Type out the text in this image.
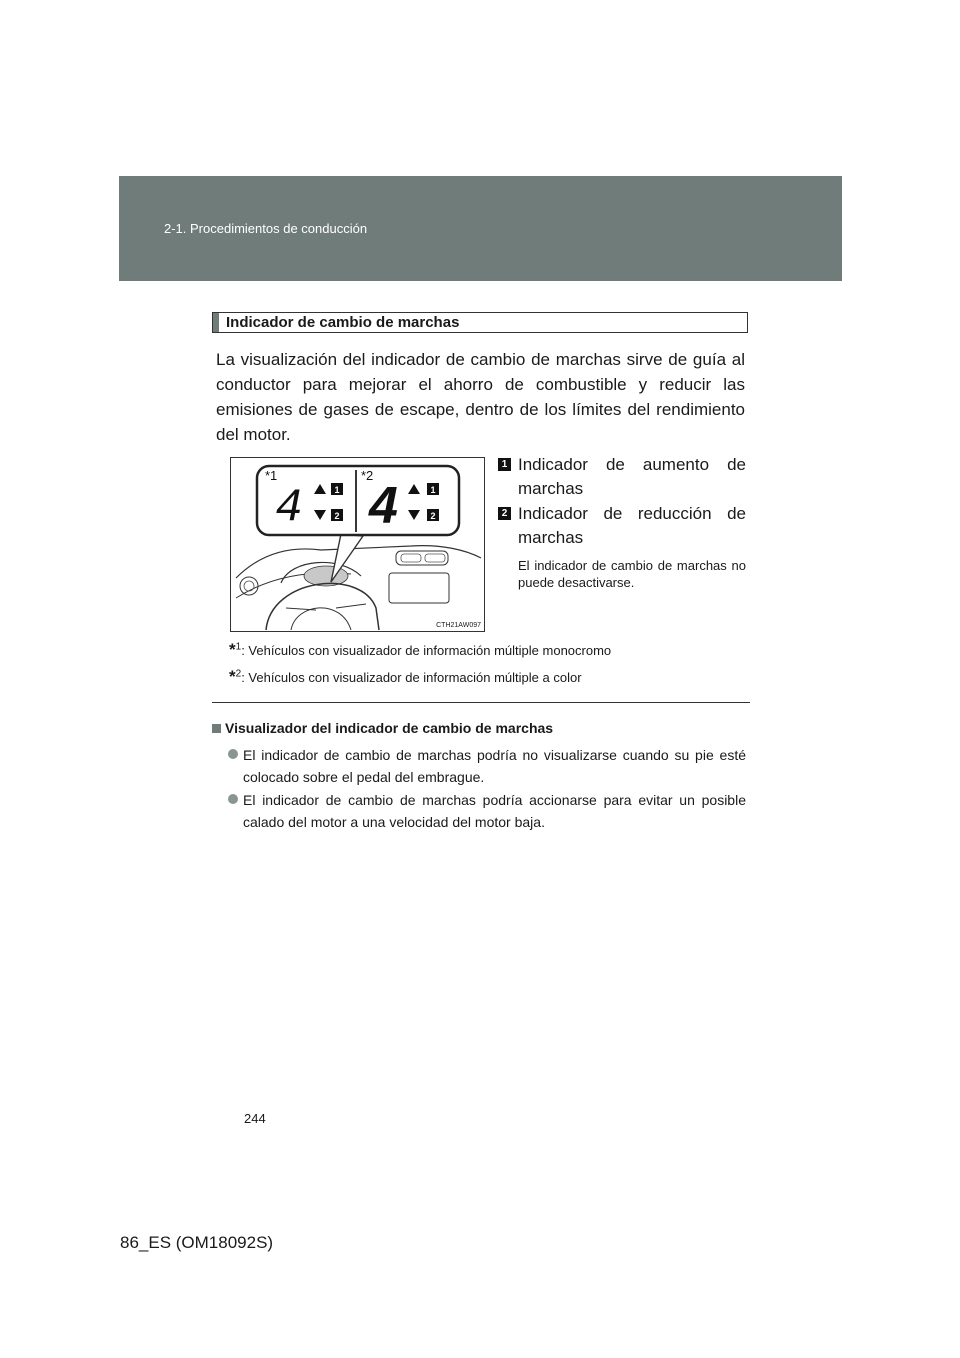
2-1. Procedimientos de conducción
Indicador de cambio de marchas
La visualización del indicador de cambio de marchas sirve de guía al conductor para mejorar el ahorro de combustible y reducir las emisiones de gases de escape, dentro de los límites del rendimiento del motor.
4 4
*1	*2
1
2
1
2
CTH21AW097
1 Indicador de aumento de marchas
2 Indicador de reducción de marchas
El indicador de cambio de marchas no puede desactivarse.
*$^1$: Vehículos con visualizador de información múltiple monocromo
*$^2$: Vehículos con visualizador de información múltiple a color
Visualizador del indicador de cambio de marchas
El indicador de cambio de marchas podría no visualizarse cuando su pie esté colocado sobre el pedal del embrague.
El indicador de cambio de marchas podría accionarse para evitar un posible calado del motor a una velocidad del motor baja.
244
86_ES (OM18092S)
